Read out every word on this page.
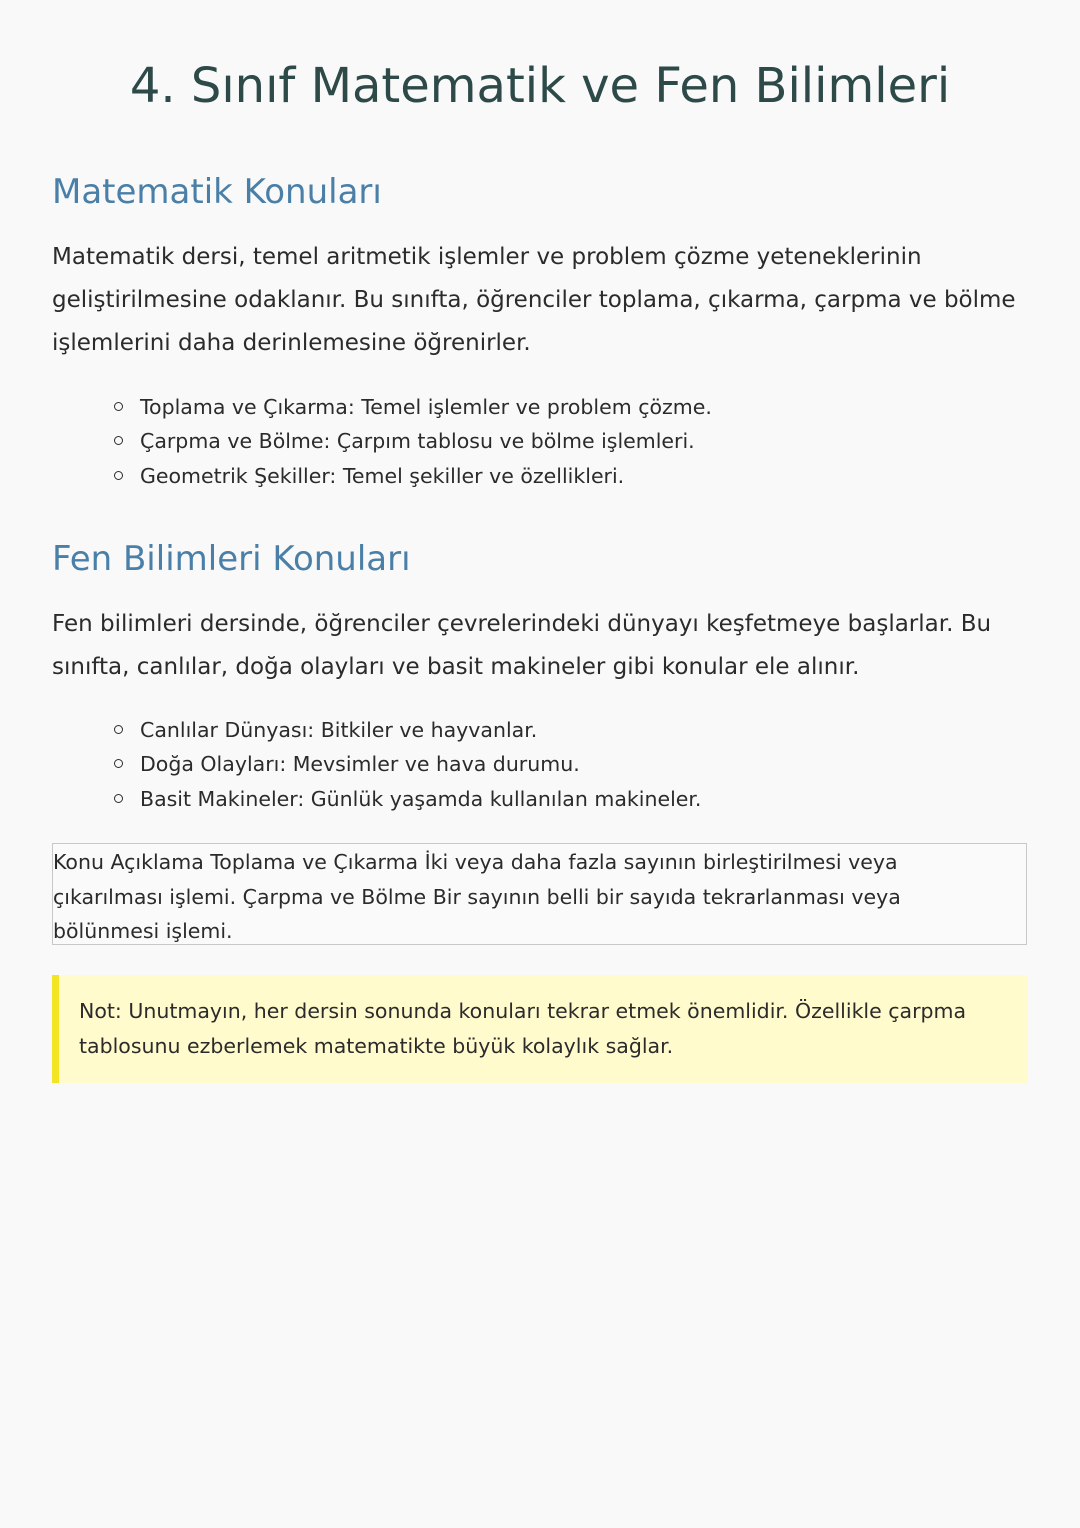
4. Sınıf Matematik ve Fen Bilimleri
Matematik Konuları

Matematik dersi, temel aritmetik işlemler ve problem çözme yeteneklerinin geliştirilmesine odaklanır. Bu sınıfta, öğrenciler toplama, çıkarma, çarpma ve bölme işlemlerini daha derinlemesine öğrenirler.

Toplama ve Çıkarma: Temel işlemler ve problem çözme.
Çarpma ve Bölme: Çarpım tablosu ve bölme işlemleri.
Geometrik Şekiller: Temel şekiller ve özellikleri.
Fen Bilimleri Konuları

Fen bilimleri dersinde, öğrenciler çevrelerindeki dünyayı keşfetmeye başlarlar. Bu sınıfta, canlılar, doğa olayları ve basit makineler gibi konular ele alınır.

Canlılar Dünyası: Bitkiler ve hayvanlar.
Doğa Olayları: Mevsimler ve hava durumu.
Basit Makineler: Günlük yaşamda kullanılan makineler.

Konu Açıklama Toplama ve Çıkarma İki veya daha fazla sayının birleştirilmesi veya çıkarılması işlemi. Çarpma ve Bölme Bir sayının belli bir sayıda tekrarlanması veya bölünmesi işlemi.

Not: Unutmayın, her dersin sonunda konuları tekrar etmek önemlidir. Özellikle çarpma tablosunu ezberlemek matematikte büyük kolaylık sağlar.
